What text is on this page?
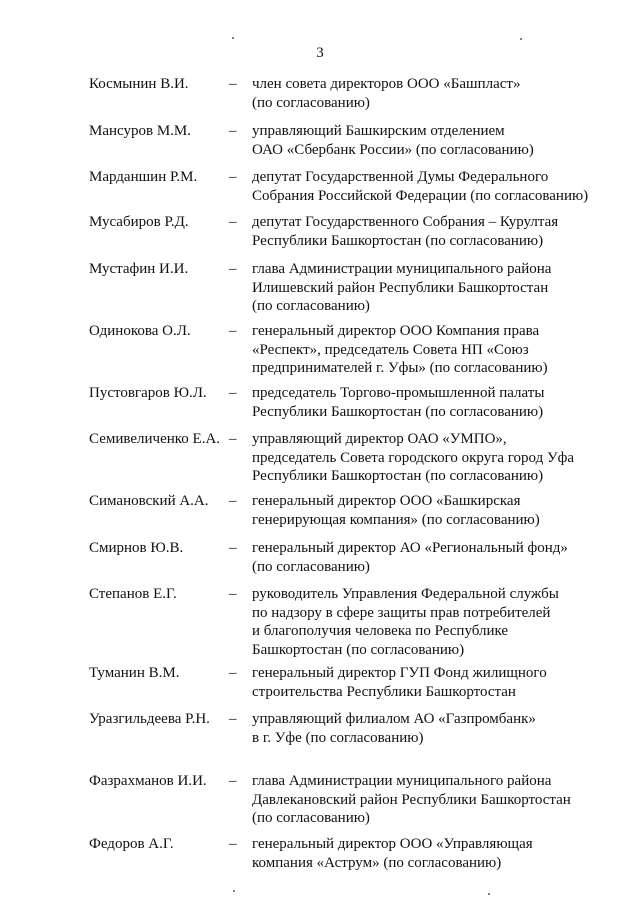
3
Космынин В.И.	– член совета директоров ООО «Башпласт»
(по согласованию)
Мансуров М.М.	– управляющий Башкирским отделением
ОАО «Сбербанк России» (по согласованию)
Марданшин Р.М. – депутат Государственной Думы Федерального
Собрания Российской Федерации (по согласованию)
Мусабиров Р.Д.	– депутат Государственного Собрания – Курултая
Республики Башкортостан (по согласованию)
Мустафин И.И.	– глава Администрации муниципального района
Илишевский район Республики Башкортостан
(по согласованию)
Одинокова О.Л.	– генеральный директор ООО Компания права
«Респект», председатель Совета НП «Союз
предпринимателей г. Уфы» (по согласованию)
Пустовгаров Ю.Л. – председатель Торгово-промышленной палаты
Республики Башкортостан (по согласованию)
Семивеличенко Е.А. – управляющий директор ОАО «УМПО»,
председатель Совета городского округа город Уфа
Республики Башкортостан (по согласованию)
Симановский А.А. – генеральный директор ООО «Башкирская
генерирующая компания» (по согласованию)
Смирнов Ю.В.	– генеральный директор АО «Региональный фонд»
(по согласованию)
Степанов Е.Г.	– руководитель Управления Федеральной службы
по надзору в сфере защиты прав потребителей
и благополучия человека по Республике
Башкортостан (по согласованию)
Туманин В.М.	– генеральный директор ГУП Фонд жилищного
строительства Республики Башкортостан
Уразгильдеева Р.Н. – управляющий филиалом АО «Газпромбанк»
в г. Уфе (по согласованию)
Фазрахманов И.И. – глава Администрации муниципального района
Давлекановский район Республики Башкортостан
(по согласованию)
Федоров А.Г.	– генеральный директор ООО «Управляющая
компания «Аструм» (по согласованию)
